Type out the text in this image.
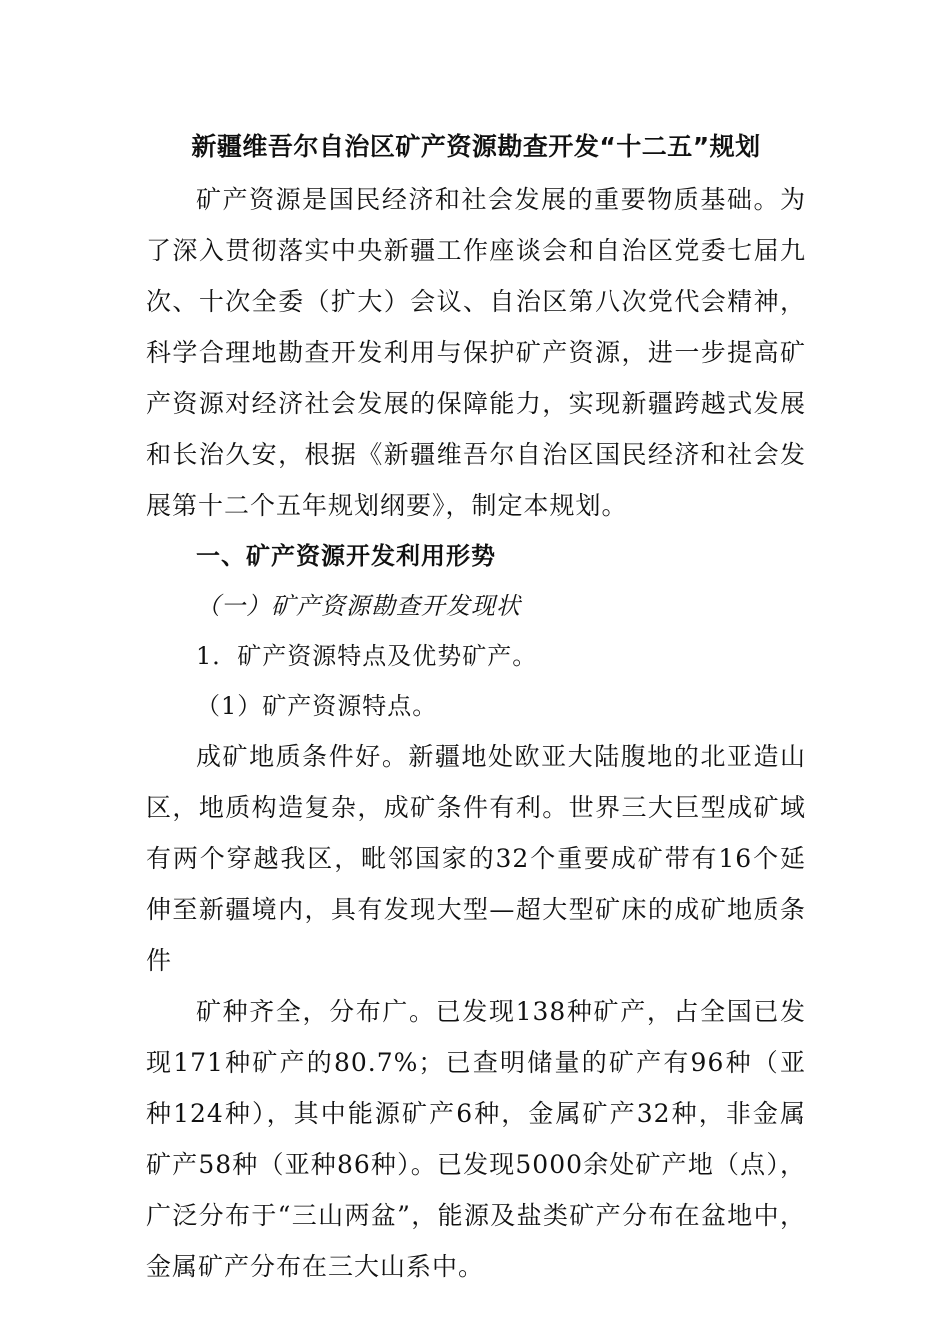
新疆维吾尔自治区矿产资源勘查开发“十二五”规划

矿产资源是国民经济和社会发展的重要物质基础。为了深入贯彻落实中央新疆工作座谈会和自治区党委七届九次、十次全委（扩大）会议、自治区第八次党代会精神，科学合理地勘查开发利用与保护矿产资源，进一步提高矿产资源对经济社会发展的保障能力，实现新疆跨越式发展和长治久安，根据《新疆维吾尔自治区国民经济和社会发展第十二个五年规划纲要》，制定本规划。

一、矿产资源开发利用形势

（一）矿产资源勘查开发现状

1．矿产资源特点及优势矿产。

（1）矿产资源特点。

成矿地质条件好。新疆地处欧亚大陆腹地的北亚造山区，地质构造复杂，成矿条件有利。世界三大巨型成矿域有两个穿越我区，毗邻国家的32个重要成矿带有16个延伸至新疆境内，具有发现大型—超大型矿床的成矿地质条件

矿种齐全，分布广。已发现138种矿产，占全国已发现171种矿产的80.7%；已查明储量的矿产有96种（亚种124种），其中能源矿产6种，金属矿产32种，非金属矿产58种（亚种86种）。已发现5000余处矿产地（点），广泛分布于“三山两盆”，能源及盐类矿产分布在盆地中，金属矿产分布在三大山系中。
